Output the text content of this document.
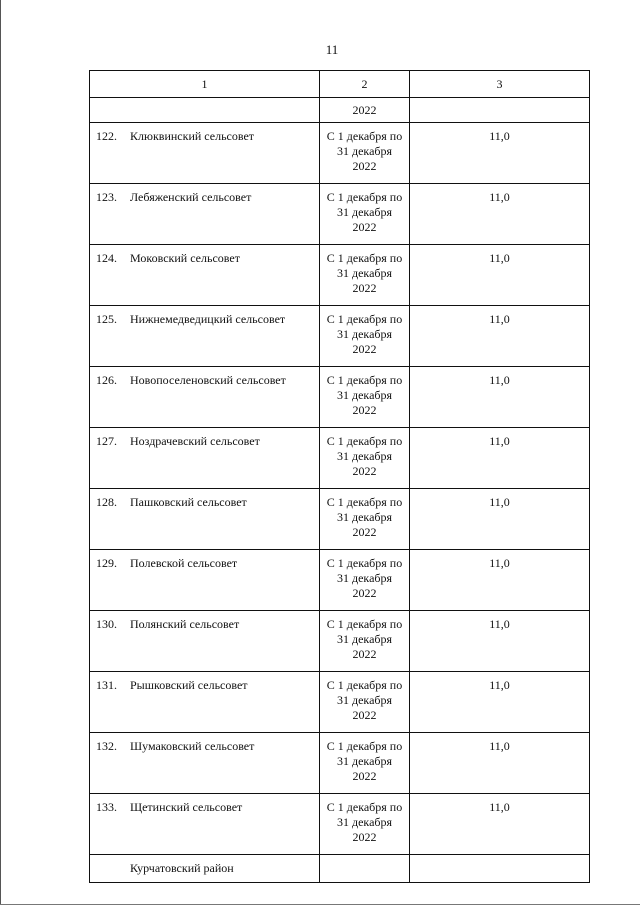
11
1	2	3
	2022	
122. Клюквинский сельсовет	С 1 декабря по
31 декабря
2022	11,0
123. Лебяженский сельсовет	С 1 декабря по
31 декабря
2022	11,0
124. Моковский сельсовет	С 1 декабря по
31 декабря
2022	11,0
125. Нижнемедведицкий сельсовет	С 1 декабря по
31 декабря
2022	11,0
126. Новопоселеновский сельсовет	С 1 декабря по
31 декабря
2022	11,0
127. Ноздрачевский сельсовет	С 1 декабря по
31 декабря
2022	11,0
128. Пашковский сельсовет	С 1 декабря по
31 декабря
2022	11,0
129. Полевской сельсовет	С 1 декабря по
31 декабря
2022	11,0
130. Полянский сельсовет	С 1 декабря по
31 декабря
2022	11,0
131. Рышковский сельсовет	С 1 декабря по
31 декабря
2022	11,0
132. Шумаковский сельсовет	С 1 декабря по
31 декабря
2022	11,0
133. Щетинский сельсовет	С 1 декабря по
31 декабря
2022	11,0
Курчатовский район		
